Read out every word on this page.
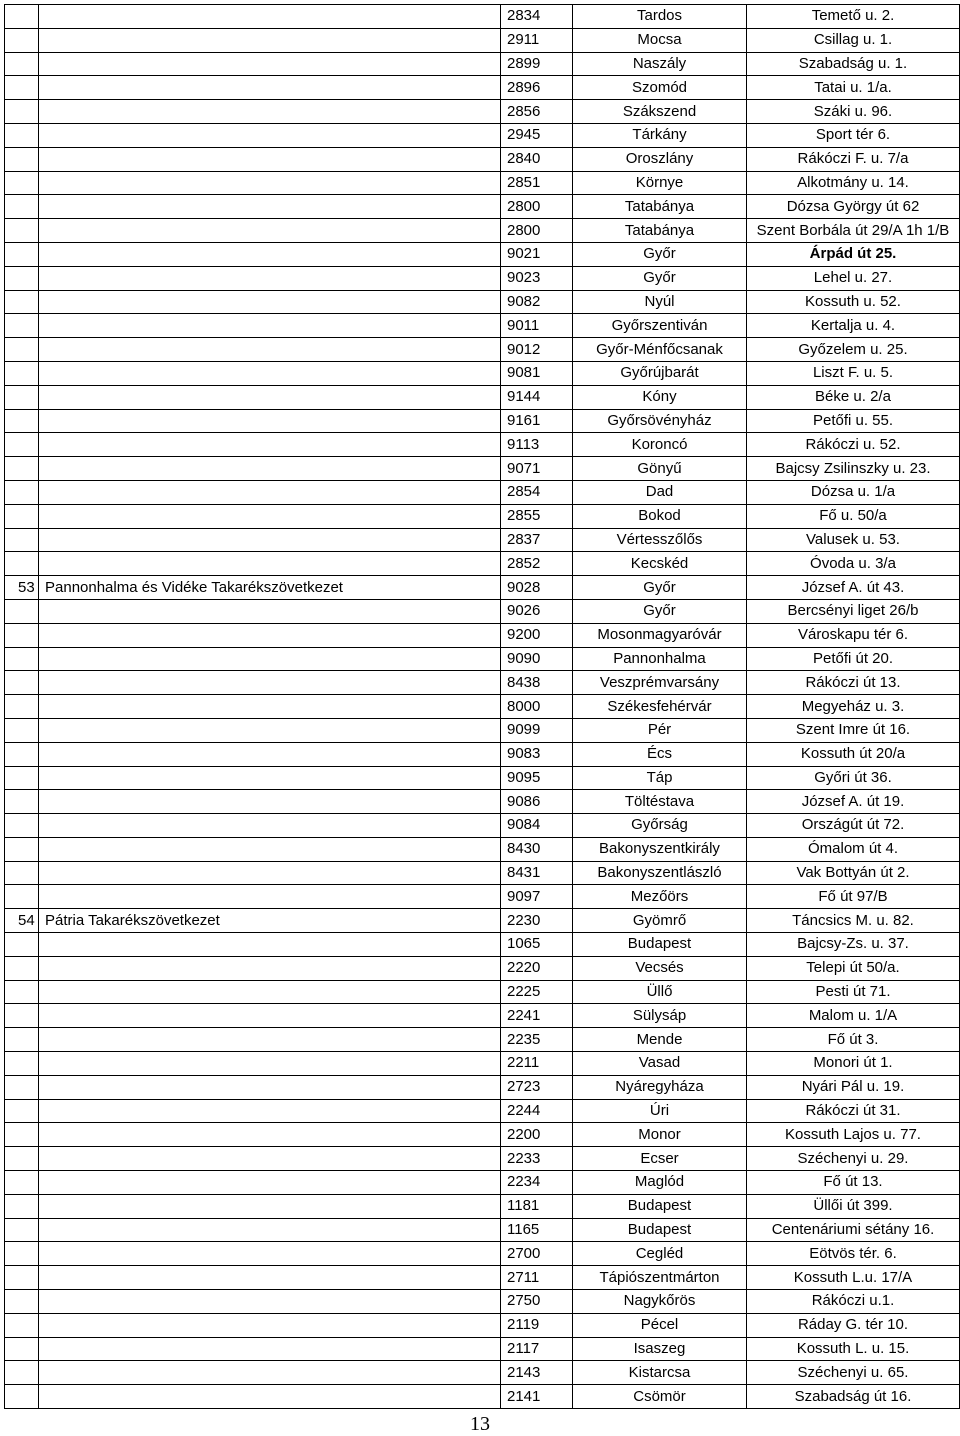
		2834	Tardos	Temető u. 2.
		2911	Mocsa	Csillag u. 1.
		2899	Naszály	Szabadság u. 1.
		2896	Szomód	Tatai u. 1/a.
		2856	Szákszend	Száki u. 96.
		2945	Tárkány	Sport tér 6.
		2840	Oroszlány	Rákóczi F. u. 7/a
		2851	Környe	Alkotmány u. 14.
		2800	Tatabánya	Dózsa György út 62
		2800	Tatabánya	Szent Borbála út 29/A 1h 1/B
		9021	Győr	Árpád út 25.
		9023	Győr	Lehel u. 27.
		9082	Nyúl	Kossuth u. 52.
		9011	Győrszentiván	Kertalja u. 4.
		9012	Győr-Ménfőcsanak	Győzelem u. 25.
		9081	Győrújbarát	Liszt F. u. 5.
		9144	Kóny	Béke u. 2/a
		9161	Győrsövényház	Petőfi u. 55.
		9113	Koroncó	Rákóczi u. 52.
		9071	Gönyű	Bajcsy Zsilinszky u. 23.
		2854	Dad	Dózsa u. 1/a
		2855	Bokod	Fő u. 50/a
		2837	Vértesszőlős	Valusek u. 53.
		2852	Kecskéd	Óvoda u. 3/a
53	Pannonhalma és Vidéke Takarékszövetkezet	9028	Győr	József A. út 43.
		9026	Győr	Bercsényi liget 26/b
		9200	Mosonmagyaróvár	Városkapu tér 6.
		9090	Pannonhalma	Petőfi út 20.
		8438	Veszprémvarsány	Rákóczi út 13.
		8000	Székesfehérvár	Megyeház u. 3.
		9099	Pér	Szent Imre út 16.
		9083	Écs	Kossuth út 20/a
		9095	Táp	Győri út 36.
		9086	Töltéstava	József A. út 19.
		9084	Győrság	Országút út 72.
		8430	Bakonyszentkirály	Ómalom út 4.
		8431	Bakonyszentlászló	Vak Bottyán út 2.
		9097	Mezőörs	Fő út 97/B
54	Pátria Takarékszövetkezet	2230	Gyömrő	Táncsics M. u. 82.
		1065	Budapest	Bajcsy-Zs. u. 37.
		2220	Vecsés	Telepi út 50/a.
		2225	Üllő	Pesti út 71.
		2241	Sülysáp	Malom u. 1/A
		2235	Mende	Fő út 3.
		2211	Vasad	Monori út 1.
		2723	Nyáregyháza	Nyári Pál u. 19.
		2244	Úri	Rákóczi út 31.
		2200	Monor	Kossuth Lajos u. 77.
		2233	Ecser	Széchenyi u. 29.
		2234	Maglód	Fő út 13.
		1181	Budapest	Üllői út 399.
		1165	Budapest	Centenáriumi sétány 16.
		2700	Cegléd	Eötvös tér. 6.
		2711	Tápiószentmárton	Kossuth L.u. 17/A
		2750	Nagykőrös	Rákóczi u.1.
		2119	Pécel	Ráday G. tér 10.
		2117	Isaszeg	Kossuth L. u. 15.
		2143	Kistarcsa	Széchenyi u. 65.
		2141	Csömör	Szabadság út 16.
13
